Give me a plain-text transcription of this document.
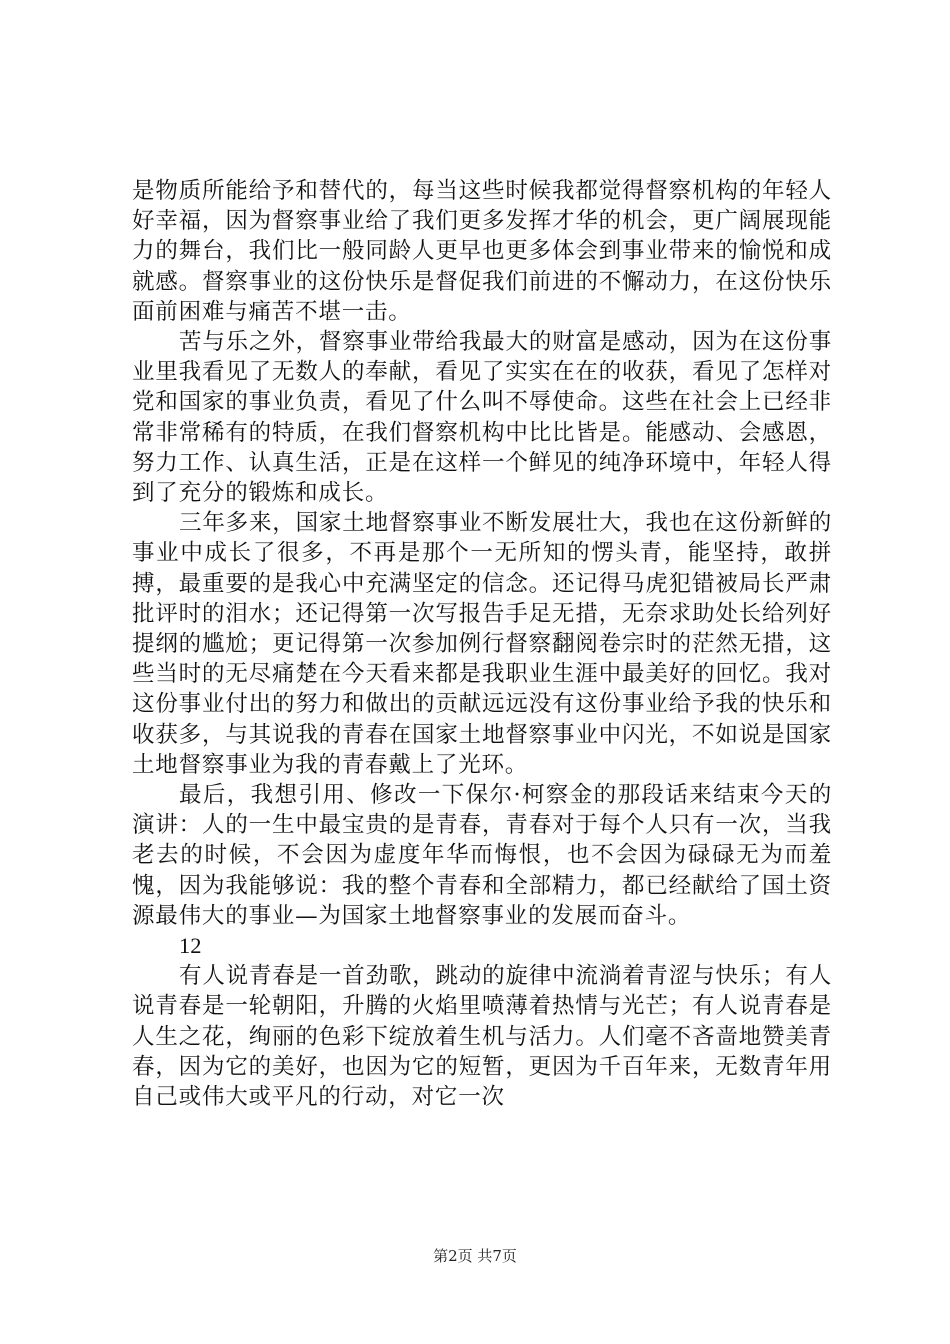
是物质所能给予和替代的，每当这些时候我都觉得督察机构的年轻人好幸福，因为督察事业给了我们更多发挥才华的机会，更广阔展现能力的舞台，我们比一般同龄人更早也更多体会到事业带来的愉悦和成就感。督察事业的这份快乐是督促我们前进的不懈动力，在这份快乐面前困难与痛苦不堪一击。

苦与乐之外，督察事业带给我最大的财富是感动，因为在这份事业里我看见了无数人的奉献，看见了实实在在的收获，看见了怎样对党和国家的事业负责，看见了什么叫不辱使命。这些在社会上已经非常非常稀有的特质，在我们督察机构中比比皆是。能感动、会感恩，努力工作、认真生活，正是在这样一个鲜见的纯净环境中，年轻人得到了充分的锻炼和成长。

三年多来，国家土地督察事业不断发展壮大，我也在这份新鲜的事业中成长了很多，不再是那个一无所知的愣头青，能坚持，敢拼搏，最重要的是我心中充满坚定的信念。还记得马虎犯错被局长严肃批评时的泪水；还记得第一次写报告手足无措，无奈求助处长给列好提纲的尴尬；更记得第一次参加例行督察翻阅卷宗时的茫然无措，这些当时的无尽痛楚在今天看来都是我职业生涯中最美好的回忆。我对这份事业付出的努力和做出的贡献远远没有这份事业给予我的快乐和收获多，与其说我的青春在国家土地督察事业中闪光，不如说是国家土地督察事业为我的青春戴上了光环。

最后，我想引用、修改一下保尔·柯察金的那段话来结束今天的演讲：人的一生中最宝贵的是青春，青春对于每个人只有一次，当我老去的时候，不会因为虚度年华而悔恨，也不会因为碌碌无为而羞愧，因为我能够说：我的整个青春和全部精力，都已经献给了国土资源最伟大的事业—为国家土地督察事业的发展而奋斗。

12

有人说青春是一首劲歌，跳动的旋律中流淌着青涩与快乐；有人说青春是一轮朝阳，升腾的火焰里喷薄着热情与光芒；有人说青春是人生之花，绚丽的色彩下绽放着生机与活力。人们毫不吝啬地赞美青春，因为它的美好，也因为它的短暂，更因为千百年来，无数青年用自己或伟大或平凡的行动，对它一次

第2页 共7页
